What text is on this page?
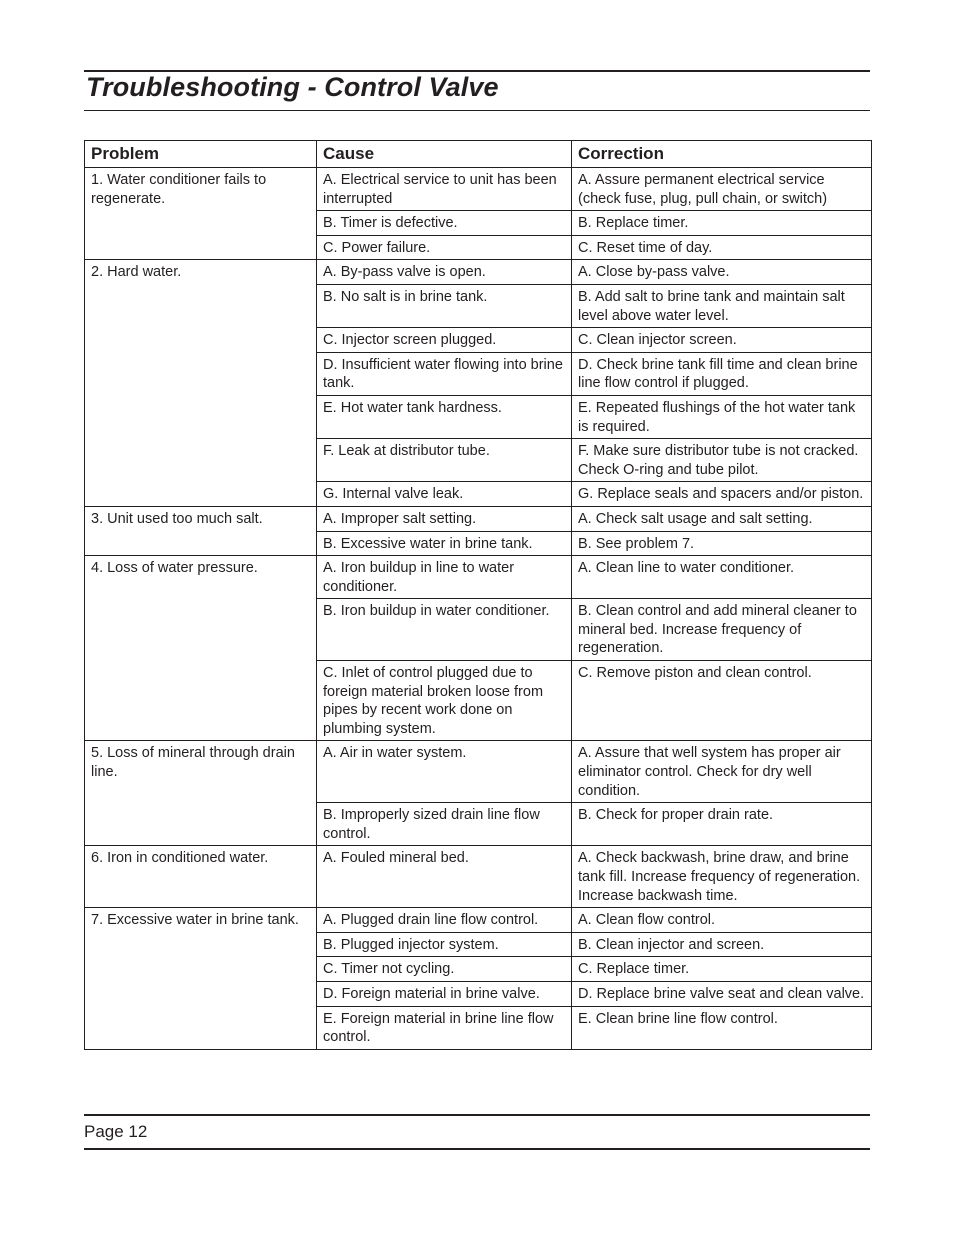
Troubleshooting - Control Valve
Problem	Cause	Correction
1. Water conditioner fails to regenerate.	A. Electrical service to unit has been interrupted	A. Assure permanent electrical service (check fuse, plug, pull chain, or switch)
	B. Timer is defective.	B. Replace timer.
	C. Power failure.	C. Reset time of day.
2. Hard water.	A. By-pass valve is open.	A. Close by-pass valve.
	B. No salt is in brine tank.	B. Add salt to brine tank and maintain salt level above water level.
	C. Injector screen plugged.	C. Clean injector screen.
	D. Insufficient water flowing into brine tank.	D. Check brine tank fill time and clean brine line flow control if plugged.
	E. Hot water tank hardness.	E. Repeated flushings of the hot water tank is required.
	F. Leak at distributor tube.	F. Make sure distributor tube is not cracked. Check O-ring and tube pilot.
	G. Internal valve leak.	G. Replace seals and spacers and/or piston.
3. Unit used too much salt.	A. Improper salt setting.	A. Check salt usage and salt setting.
	B. Excessive water in brine tank.	B. See problem 7.
4. Loss of water pressure.	A. Iron buildup in line to water conditioner.	A. Clean line to water conditioner.
	B. Iron buildup in water conditioner.	B. Clean control and add mineral cleaner to mineral bed. Increase frequency of regeneration.
	C. Inlet of control plugged due to foreign material broken loose from pipes by recent work done on plumbing system.	C. Remove piston and clean control.
5. Loss of mineral through drain line.	A. Air in water system.	A. Assure that well system has proper air eliminator control. Check for dry well condition.
	B. Improperly sized drain line flow control.	B. Check for proper drain rate.
6. Iron in conditioned water.	A. Fouled mineral bed.	A. Check backwash, brine draw, and brine tank fill. Increase frequency of regeneration. Increase backwash time.
7. Excessive water in brine tank.	A. Plugged drain line flow control.	A. Clean flow control.
	B. Plugged injector system.	B. Clean injector and screen.
	C. Timer not cycling.	C. Replace timer.
	D. Foreign material in brine valve.	D. Replace brine valve seat and clean valve.
	E. Foreign material in brine line flow control.	E. Clean brine line flow control.
Page 12
